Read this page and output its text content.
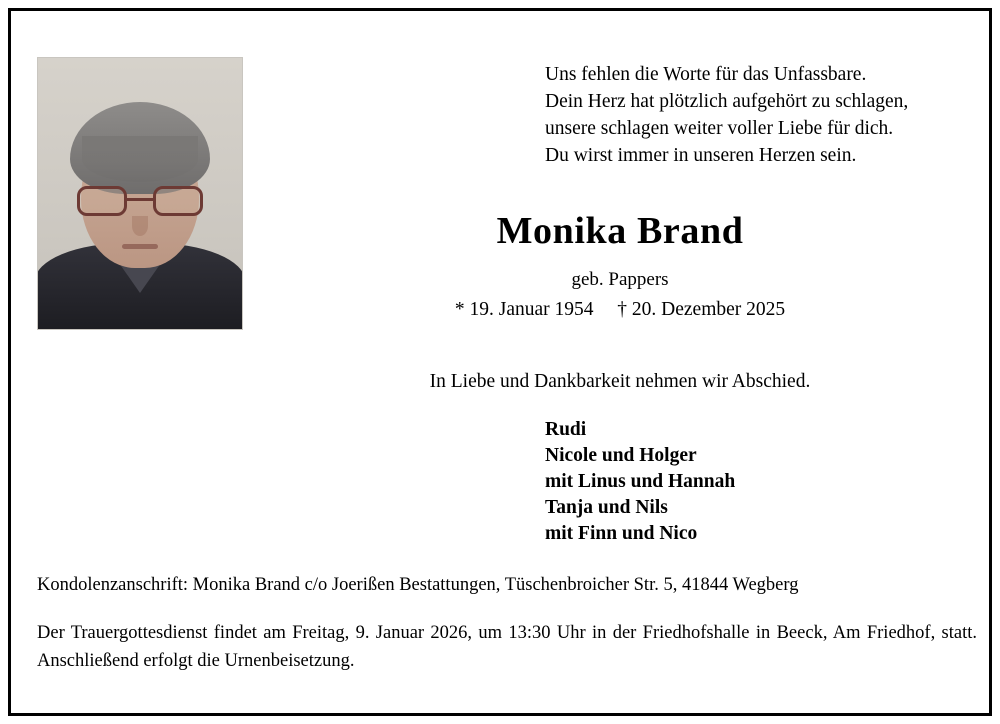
Uns fehlen die Worte für das Unfassbare.
Dein Herz hat plötzlich aufgehört zu schlagen,
unsere schlagen weiter voller Liebe für dich.
Du wirst immer in unseren Herzen sein.
Monika Brand
geb. Pappers
* 19. Januar 1954 † 20. Dezember 2025
In Liebe und Dankbarkeit nehmen wir Abschied.
Rudi
Nicole und Holger
mit Linus und Hannah
Tanja und Nils
mit Finn und Nico
Kondolenzanschrift: Monika Brand c/o Joerißen Bestattungen, Tüschenbroicher Str. 5, 41844 Wegberg
Der Trauergottesdienst findet am Freitag, 9. Januar 2026, um 13:30 Uhr in der Friedhofshalle in Beeck, Am Friedhof, statt. Anschließend erfolgt die Urnenbeisetzung.
